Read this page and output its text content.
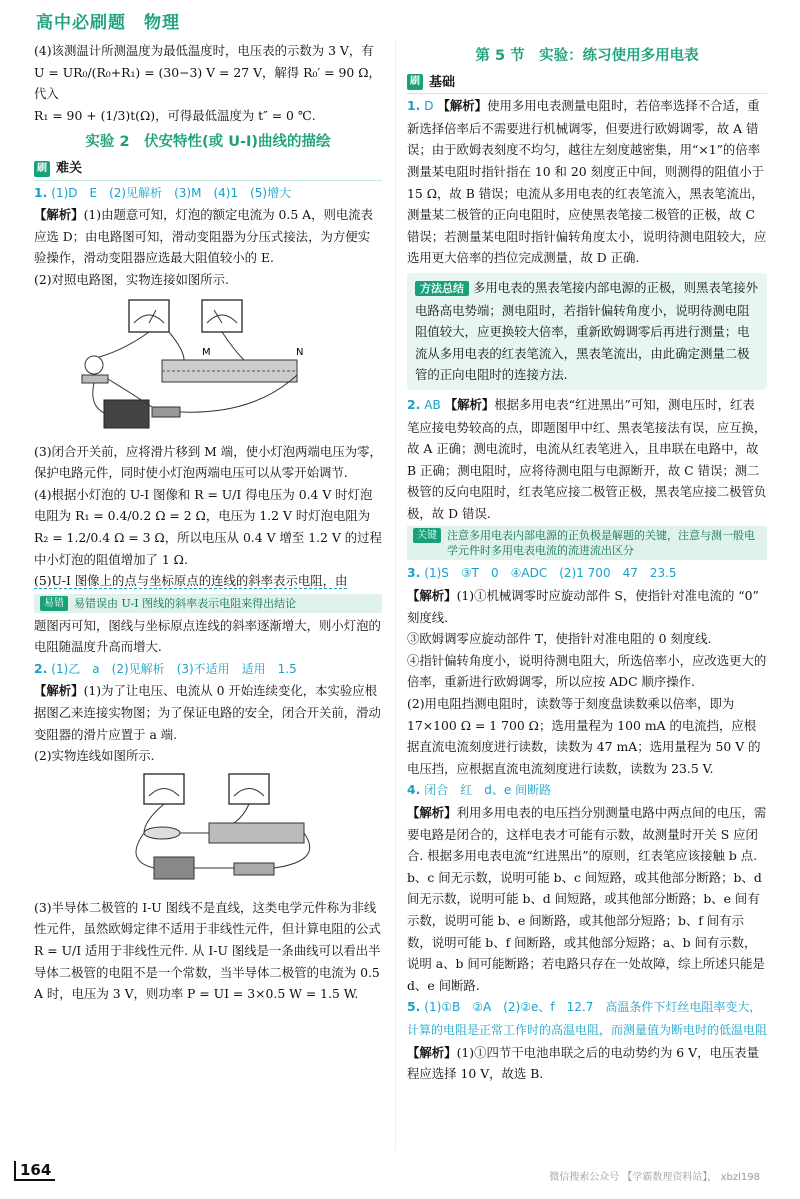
高中必刷题　物理

(4)该测温计所测温度为最低温度时，电压表的示数为 3 V，有 U = UR₀/(R₀+R₁) = (30−3) V = 27 V，解得 R₀′ = 90 Ω，代入

R₁ = 90 + (1/3)t(Ω)，可得最低温度为 t″ = 0 ℃.

实验 2　伏安特性(或 U-I)曲线的描绘
刷 难关

1. (1)D　E　(2)见解析　(3)M　(4)1　(5)增大

【解析】(1)由题意可知，灯泡的额定电流为 0.5 A，则电流表应选 D；由电路图可知，滑动变阻器为分压式接法，为方便实验操作，滑动变阻器应选最大阻值较小的 E.

(2)对照电路图，实物连接如图所示.

M	N

(3)闭合开关前，应将滑片移到 M 端，使小灯泡两端电压为零，保护电路元件，同时使小灯泡两端电压可以从零开始调节.

(4)根据小灯泡的 U-I 图像和 R = U/I 得电压为 0.4 V 时灯泡电阻为 R₁ = 0.4/0.2 Ω = 2 Ω，电压为 1.2 V 时灯泡电阻为 R₂ = 1.2/0.4 Ω = 3 Ω，所以电压从 0.4 V 增至 1.2 V 的过程中小灯泡的阻值增加了 1 Ω.

(5)U-I 图像上的点与坐标原点的连线的斜率表示电阻，由

易错 易错误由 U-I 图线的斜率表示电阻来得出结论

题图丙可知，图线与坐标原点连线的斜率逐渐增大，则小灯泡的电阻随温度升高而增大.

2. (1)乙　a　(2)见解析　(3)不适用　适用　1.5

【解析】(1)为了让电压、电流从 0 开始连续变化，本实验应根据图乙来连接实物图；为了保证电路的安全，闭合开关前，滑动变阻器的滑片应置于 a 端.

(2)实物连线如图所示.

(3)半导体二极管的 I-U 图线不是直线，这类电学元件称为非线性元件，虽然欧姆定律不适用于非线性元件，但计算电阻的公式 R = U/I 适用于非线性元件. 从 I-U 图线是一条曲线可以看出半导体二极管的电阻不是一个常数，当半导体二极管的电流为 0.5 A 时，电压为 3 V，则功率 P = UI = 3×0.5 W = 1.5 W.

第 5 节　实验：练习使用多用电表
刷 基础

1. D 【解析】使用多用电表测量电阻时，若倍率选择不合适，重新选择倍率后不需要进行机械调零，但要进行欧姆调零，故 A 错误；由于欧姆表刻度不均匀，越往左刻度越密集，用“×1”的倍率测量某电阻时指针指在 10 和 20 刻度正中间，则测得的阻值小于 15 Ω，故 B 错误；电流从多用电表的红表笔流入，黑表笔流出，测量某二极管的正向电阻时，应使黑表笔接二极管的正极，故 C 错误；若测量某电阻时指针偏转角度太小，说明待测电阻较大，应选用更大倍率的挡位完成测量，故 D 正确.

方法总结 多用电表的黑表笔接内部电源的正极，则黑表笔接外电路高电势端；测电阻时，若指针偏转角度小，说明待测电阻阻值较大，应更换较大倍率，重新欧姆调零后再进行测量；电流从多用电表的红表笔流入，黑表笔流出，由此确定测量二极管的正向电阻时的连接方法.

2. AB 【解析】根据多用电表“红进黑出”可知，测电压时，红表笔应接电势较高的点，即题图甲中红、黑表笔接法有误，应互换，故 A 正确；测电流时，电流从红表笔进入，且串联在电路中，故 B 正确；测电阻时，应将待测电阻与电源断开，故 C 错误；测二极管的反向电阻时，红表笔应接二极管正极，黑表笔应接二极管负极，故 D 错误.

关键 注意多用电表内部电源的正负极是解题的关键，注意与测一般电学元件时多用电表电流的流进流出区分

3. (1)S　③T　0　④ADC　(2)1 700　47　23.5

【解析】(1)①机械调零时应旋动部件 S，使指针对准电流的 “0” 刻度线.

③欧姆调零应旋动部件 T，使指针对准电阻的 0 刻度线.

④指针偏转角度小，说明待测电阻大，所选倍率小，应改选更大的倍率，重新进行欧姆调零，所以应按 ADC 顺序操作.

(2)用电阻挡测电阻时，读数等于刻度盘读数乘以倍率，即为 17×100 Ω = 1 700 Ω；选用量程为 100 mA 的电流挡，应根据直流电流刻度进行读数，读数为 47 mA；选用量程为 50 V 的电压挡，应根据直流电流刻度进行读数，读数为 23.5 V.

4. 闭合　红　d、e 间断路

【解析】利用多用电表的电压挡分别测量电路中两点间的电压，需要电路是闭合的，这样电表才可能有示数，故测量时开关 S 应闭合. 根据多用电表电流“红进黑出”的原则，红表笔应该接触 b 点. b、c 间无示数，说明可能 b、c 间短路，或其他部分断路；b、d 间无示数，说明可能 b、d 间短路，或其他部分断路；b、e 间有示数，说明可能 b、e 间断路，或其他部分短路；b、f 间有示数，说明可能 b、f 间断路，或其他部分短路；a、b 间有示数，说明 a、b 间可能断路；若电路只存在一处故障，综上所述只能是 d、e 间断路.

5. (1)①B　②A　(2)②e、f　12.7　高温条件下灯丝电阻率变大，计算的电阻是正常工作时的高温电阻，而测量值为断电时的低温电阻

【解析】(1)①四节干电池串联之后的电动势约为 6 V，电压表量程应选择 10 V，故选 B.

164	微信搜索公众号 【学霸数理资料站】， xbzl198
